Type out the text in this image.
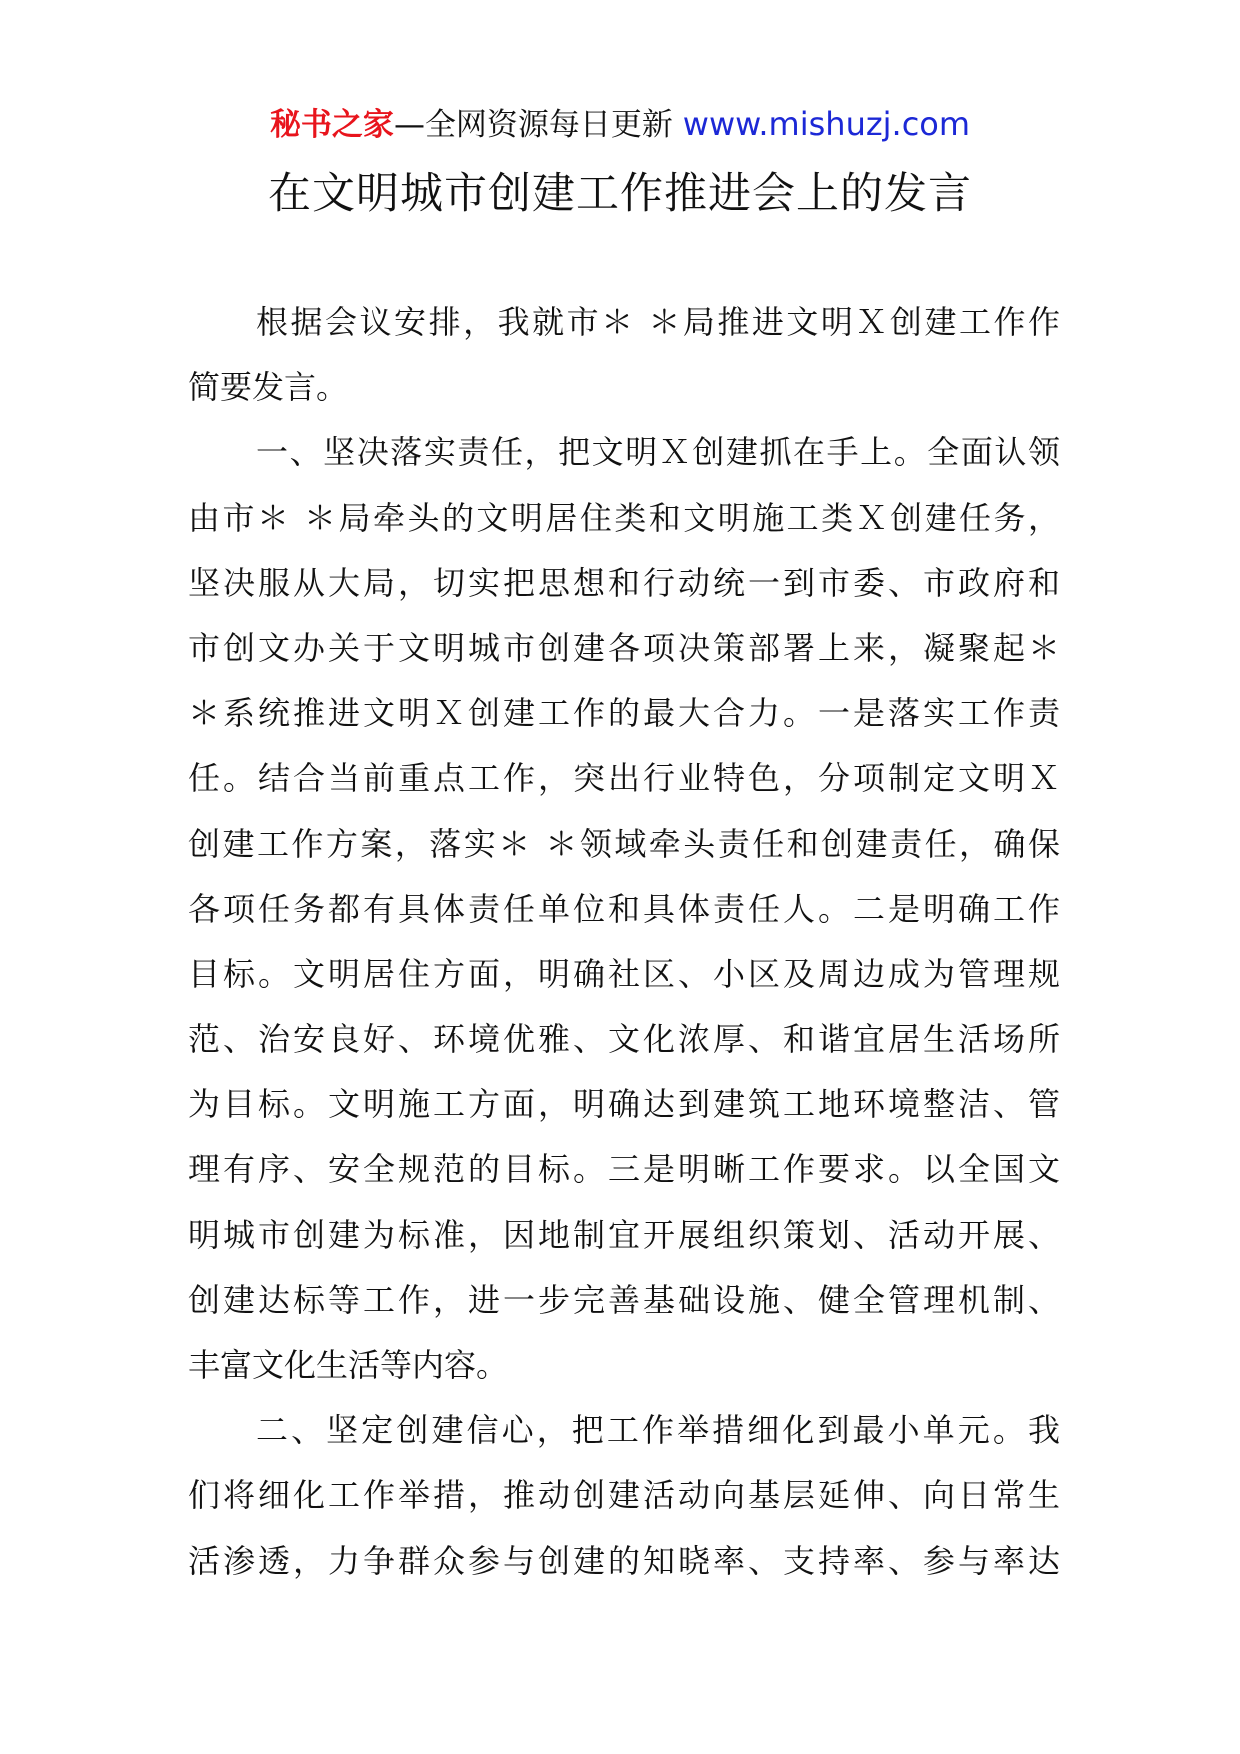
秘书之家—全网资源每日更新 www.mishuzj.com
在文明城市创建工作推进会上的发言

根据会议安排，我就市＊ ＊局推进文明Ｘ创建工作作
简要发言。

一、坚决落实责任，把文明Ｘ创建抓在手上。全面认领
由市＊ ＊局牵头的文明居住类和文明施工类Ｘ创建任务，
坚决服从大局，切实把思想和行动统一到市委、市政府和
市创文办关于文明城市创建各项决策部署上来，凝聚起＊
＊系统推进文明Ｘ创建工作的最大合力。一是落实工作责
任。结合当前重点工作，突出行业特色，分项制定文明Ｘ
创建工作方案，落实＊ ＊领域牵头责任和创建责任，确保
各项任务都有具体责任单位和具体责任人。二是明确工作
目标。文明居住方面，明确社区、小区及周边成为管理规
范、治安良好、环境优雅、文化浓厚、和谐宜居生活场所
为目标。文明施工方面，明确达到建筑工地环境整洁、管
理有序、安全规范的目标。三是明晰工作要求。以全国文
明城市创建为标准，因地制宜开展组织策划、活动开展、
创建达标等工作，进一步完善基础设施、健全管理机制、
丰富文化生活等内容。

二、坚定创建信心，把工作举措细化到最小单元。我
们将细化工作举措，推动创建活动向基层延伸、向日常生
活渗透，力争群众参与创建的知晓率、支持率、参与率达
